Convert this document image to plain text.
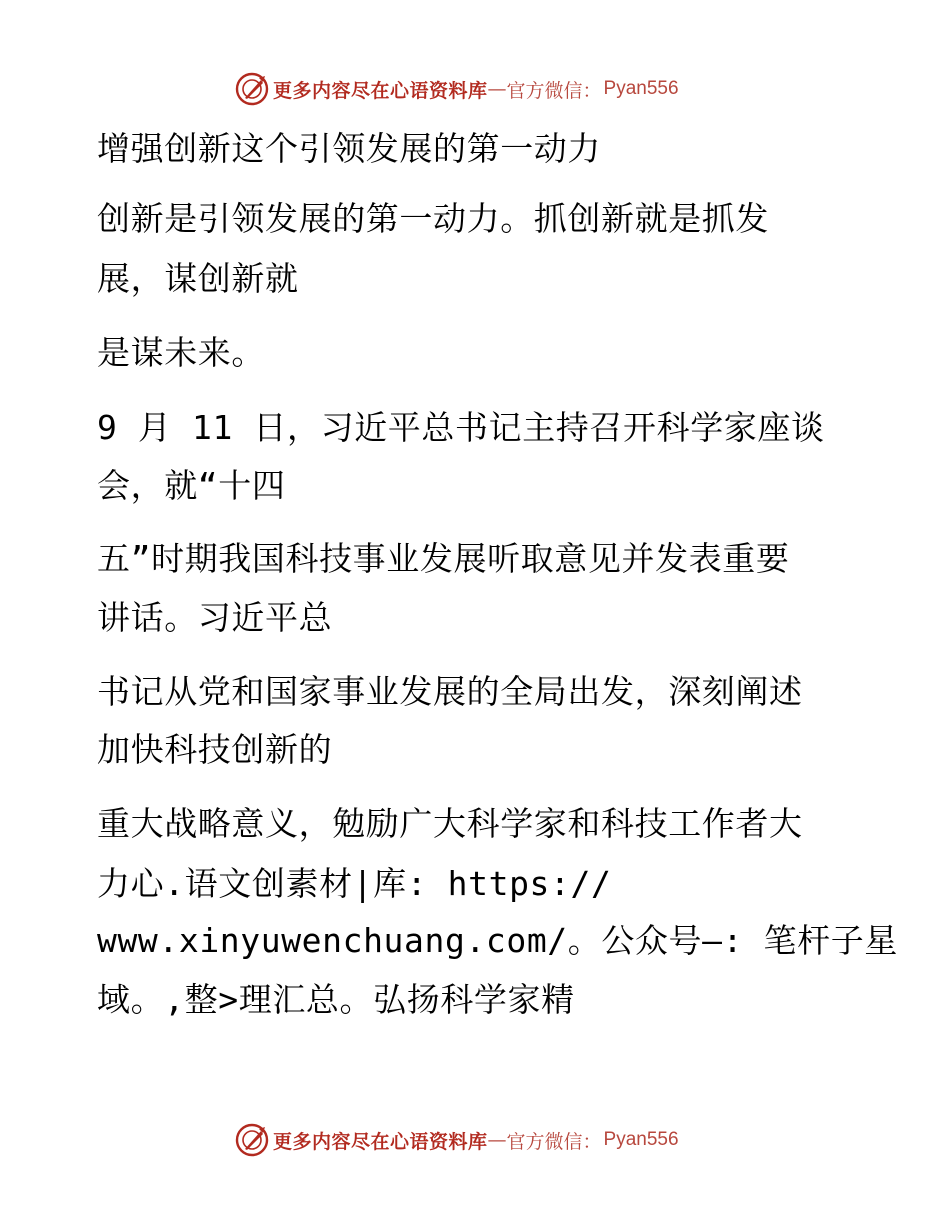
更多内容尽在心语资料库 — 官方微信： Pyan556
增强创新这个引领发展的第一动力
创新是引领发展的第一动力。抓创新就是抓发
展，谋创新就
是谋未来。
9 月 11 日，习近平总书记主持召开科学家座谈
会，就“十四
五”时期我国科技事业发展听取意见并发表重要
讲话。习近平总
书记从党和国家事业发展的全局出发，深刻阐述
加快科技创新的
重大战略意义，勉励广大科学家和科技工作者大
力心.语文创素材|库: https://
www.xinyuwenchuang.com/。公众号—: 笔杆子星
域。,整>理汇总。弘扬科学家精
更多内容尽在心语资料库 — 官方微信： Pyan556
